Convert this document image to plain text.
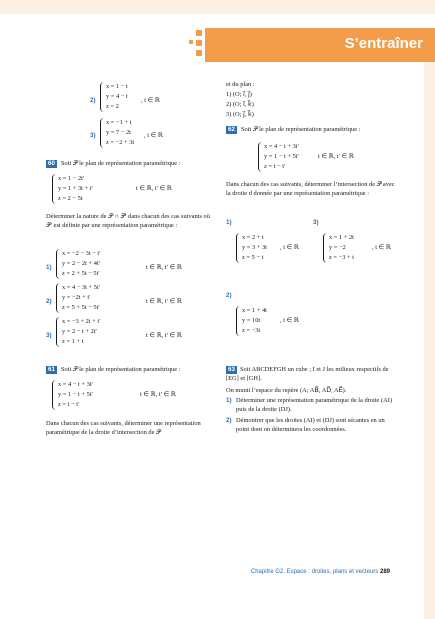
S’entraîner
2)
x = 1 − t
y = 4 − t
z = 2
, t ∈ ℝ
3)
x = −1 + t
y = 7 − 2t
z = −2 + 3t
, t ∈ ℝ
60 Soit 𝒫 le plan de représentation paramétrique :
x = 1 − 2t′
y = 1 + 3t + t′
z = 2 − 5t
t ∈ ℝ, t′ ∈ ℝ
Déterminer la nature de 𝒫 ∩ 𝒫′ dans chacun des cas suivants où 𝒫′ est définie par une représentation paramétrique :
1)
x = −2 − 3t − t′
y = 2 − 2t + 4t′
z = 2 + 5t − 5t′
t ∈ ℝ, t′ ∈ ℝ
2)
x = 4 − 3t + 5t′
y = −2t + t′
z = 5 + 5t − 5t′
t ∈ ℝ, t′ ∈ ℝ
3)
x = −3 + 2t + t′
y = 2 − t + 2t′
z = 1 + t
t ∈ ℝ, t′ ∈ ℝ
61 Soit 𝒫 le plan de représentation paramétrique :
x = 4 − t + 3t′
y = 1 − t + 5t′
z = t − t′
t ∈ ℝ, t′ ∈ ℝ
Dans chacun des cas suivants, déterminer une représentation paramétrique de la droite d’intersection de 𝒫
et du plan :
1) (O; i⃗, j⃗)
2) (O; i⃗, k⃗)
3) (O; j⃗, k⃗)
62 Soit 𝒫 le plan de représentation paramétrique :
x = 4 − t + 3t′
y = 1 − t + 5t′
z = t − t′
t ∈ ℝ, t′ ∈ ℝ
Dans chacun des cas suivants, déterminer l’intersection de 𝒫 avec la droite d donnée par une représentation paramétrique :
1)
x = 2 + t
y = 3 + 3t
z = 5 − t
, t ∈ ℝ
3)
x = 1 + 2t
y = −2
z = −3 + t
, t ∈ ℝ
2)
x = 1 + 4t
y = 10t
z = −3t
, t ∈ ℝ
Soit ABCDEFGH un cube ; I et J les milieux respectifs de [EG] et [GH].
63
On munit l’espace du repère (A; AB⃗, AD⃗, AE⃗).
1) Déterminer une représentation paramétrique de la droite (AI) puis de la droite (DJ).
2) Démontrer que les droites (AI) et (DJ) sont sécantes en un point dont on déterminera les coordonnées.
Chapitre G2. Espace : droites, plans et vecteurs 289
